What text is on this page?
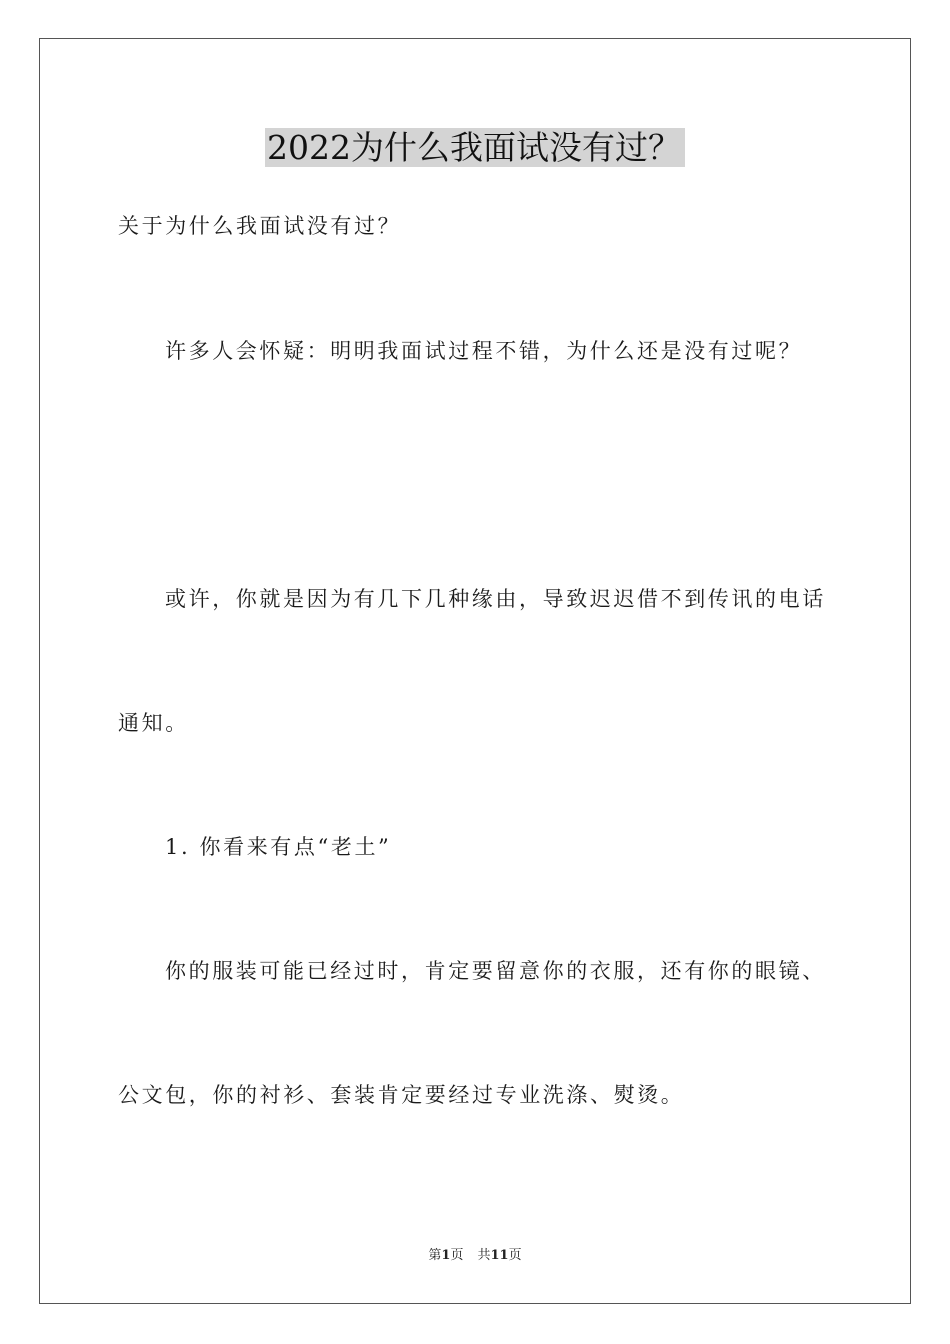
2022为什么我面试没有过？
关于为什么我面试没有过？
许多人会怀疑：明明我面试过程不错，为什么还是没有过呢？
或许，你就是因为有几下几种缘由，导致迟迟借不到传讯的电话
通知。
1. 你看来有点“老土”
你的服装可能已经过时，肯定要留意你的衣服，还有你的眼镜、
公文包，你的衬衫、套装肯定要经过专业洗涤、熨烫。
第1页 共11页
